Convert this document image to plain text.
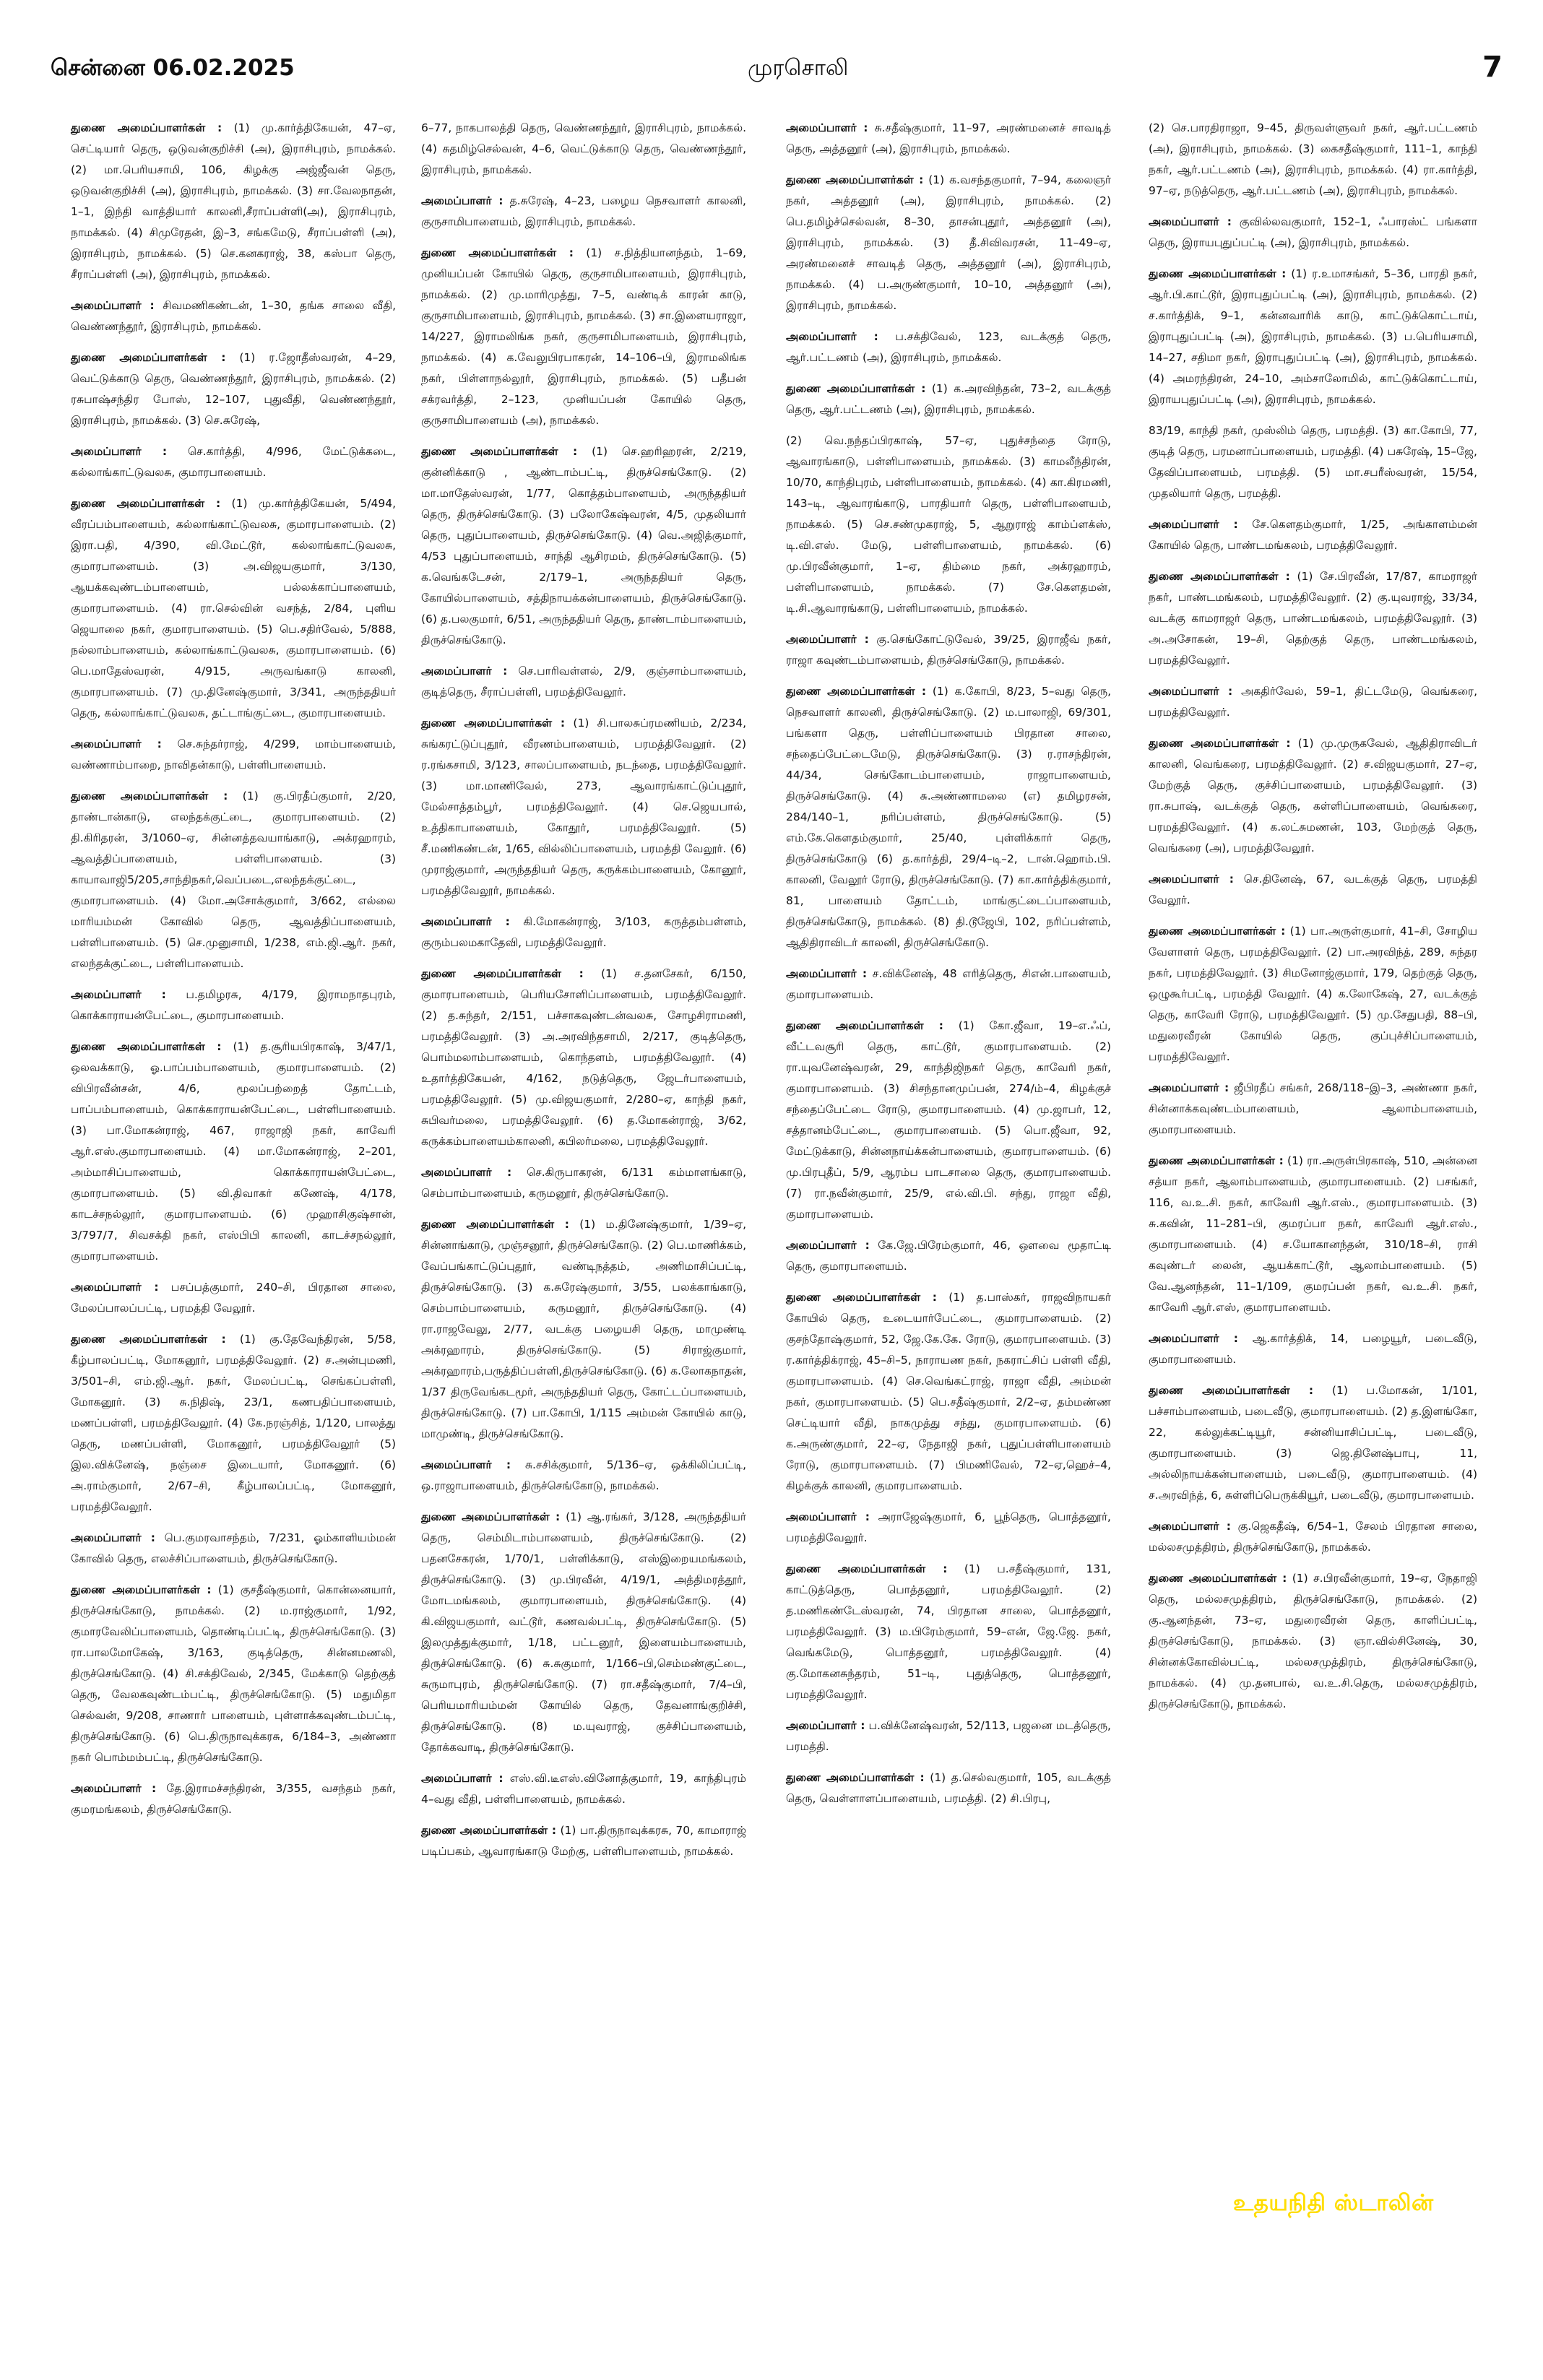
சென்னை 06.02.2025	முரசொலி	7
துணை அமைப்பாளர்கள் : (1) மு.கார்த்திகேயன், 47–ஏ, செட்டியார் தெரு, ஒடுவன்குறிச்சி (அ), இராசிபுரம், நாமக்கல். (2) மா.பெரியசாமி, 106, கிழக்கு அஜ்ஜீவன் தெரு, ஒடுவன்குறிச்சி (அ), இராசிபுரம், நாமக்கல். (3) சா.வேலநாதன், 1–1, இந்தி வாத்தியார் காலனி,சீராப்பள்ளி(அ), இராசிபுரம், நாமக்கல். (4) சிமுரேதன், இ–3, சங்கமேடு, சீராப்பள்ளி (அ), இராசிபுரம், நாமக்கல். (5) செ.கனகராஜ், 38, கஸ்பா தெரு, சீராப்பள்ளி (அ), இராசிபுரம், நாமக்கல்.
அமைப்பாளர் : சிவமணிகண்டன், 1–30, தங்க சாலை வீதி, வெண்ணந்தூர், இராசிபுரம், நாமக்கல்.
துணை அமைப்பாளர்கள் : (1) ர.ஜோதீஸ்வரன், 4–29, வெட்டுக்காடு தெரு, வெண்ணந்தூர், இராசிபுரம், நாமக்கல். (2) ரசுபாஷ்சந்திர போஸ், 12–107, புதுவீதி, வெண்ணந்தூர், இராசிபுரம், நாமக்கல். (3) செ.சுரேஷ்,
அமைப்பாளர் : செ.கார்த்தி, 4/996, மேட்டுக்கடை, கல்லாங்காட்டுவலசு, குமாரபாளையம்.
துணை அமைப்பாளர்கள் : (1) மு.கார்த்திகேயன், 5/494, வீரப்பம்பாளையம், கல்லாங்காட்டுவலசு, குமாரபாளையம். (2) இரா.பதி, 4/390, வி.மேட்டூர், கல்லாங்காட்டுவலசு, குமாரபாளையம். (3) அ.விஜயகுமார், 3/130, ஆயக்கவுண்டம்பாளையம், பல்லக்காப்பாளையம், குமாரபாளையம். (4) ரா.செல்வின் வசந்த், 2/84, புளிய ஜெயாலை நகர், குமாரபாளையம். (5) பெ.சதிர்வேல், 5/888, நல்லாம்பாளையம், கல்லாங்காட்டுவலசு, குமாரபாளையம். (6) பெ.மாதேஸ்வரன், 4/915, அருவங்காடு காலனி, குமாரபாளையம். (7) மு.தினேஷ்குமார், 3/341, அருந்ததியர் தெரு, கல்லாங்காட்டுவலசு, தட்டாங்குட்டை, குமாரபாளையம்.
அமைப்பாளர் : செ.சுந்தர்ராஜ், 4/299, மாம்பாளையம், வண்ணாம்பாறை, நாவிதன்காடு, பள்ளிபாளையம்.
துணை அமைப்பாளர்கள் : (1) கு.பிரதீப்குமார், 2/20, தாண்டான்காடு, எலந்தக்குட்டை, குமாரபாளையம். (2) தி.கிரிதரன், 3/1060–ஏ, சின்னத்தவயாங்காடு, அக்ரஹாரம், ஆவத்திப்பாளையம், பள்ளிபாளையம். (3) காயாவாஜி5/205,சாந்திநகர்,வெப்படை,எலந்தக்குட்டை, குமாரபாளையம். (4) மோ.அசோக்குமார், 3/662, எல்லை மாரியம்மன் கோவில் தெரு, ஆவத்திப்பாளையம், பள்ளிபாளையம். (5) செ.முனுசாமி, 1/238, எம்.ஜி.ஆர். நகர், எலந்தக்குட்டை, பள்ளிபாளையம்.
அமைப்பாளர் : ப.தமிழரசு, 4/179, இராமநாதபுரம், கொக்காராயன்பேட்டை, குமாரபாளையம்.
துணை அமைப்பாளர்கள் : (1) த.சூரியபிரகாஷ், 3/47/1, ஒலவக்காடு, ஓ.பாப்பம்பாளையம், குமாரபாளையம். (2) விபிரவீன்சன், 4/6, மூலப்பற்றைத் தோட்டம், பாப்பம்பாளையம், கொக்காராயன்பேட்டை, பள்ளிபாளையம். (3) பா.மோகன்ராஜ், 467, ராஜாஜி நகர், காவேரி ஆர்.எஸ்.குமாரபாளையம். (4) மா.மோகன்ராஜ், 2–201, அம்மாசிப்பாளையம், கொக்காராயன்பேட்டை, குமாரபாளையம். (5) வி.திவாகர் கணேஷ், 4/178, காடச்சநல்லூர், குமாரபாளையம். (6) முஹாசிகுஷ்சான், 3/797/7, சிவசக்தி நகர், எஸ்பிபி காலனி, காடச்சநல்லூர், குமாரபாளையம்.
அமைப்பாளர் : பசப்பத்குமார், 240–சி, பிரதான சாலை, மேலப்பாலப்பட்டி, பரமத்தி வேலூர்.
துணை அமைப்பாளர்கள் : (1) கு.தேவேந்திரன், 5/58, கீழ்பாலப்பட்டி, மோகனூர், பரமத்திவேலூர். (2) ச.அன்புமணி, 3/501–சி, எம்.ஜி.ஆர். நகர், மேலப்பட்டி, செங்கப்பள்ளி, மோகனூர். (3) சு.நிதிஷ், 23/1, கணபதிப்பாளையம், மணப்பள்ளி, பரமத்திவேலூர். (4) கே.நரஞ்சித், 1/120, பாலத்து தெரு, மணப்பள்ளி, மோகனூர், பரமத்திவேலூர் (5) இல.விக்னேஷ், நஞ்சை இடையார், மோகனூர். (6) அ.ராம்குமார், 2/67–சி, கீழ்பாலப்பட்டி, மோகனூர், பரமத்திவேலூர்.
அமைப்பாளர் : பெ.குமரவாசந்தம், 7/231, ஓம்காளியம்மன் கோவில் தெரு, எலச்சிப்பாளையம், திருச்செங்கோடு.
துணை அமைப்பாளர்கள் : (1) குசதீஷ்குமார், கொன்னையார், திருச்செங்கோடு, நாமக்கல். (2) ம.ராஜ்குமார், 1/92, குமாரவேலிப்பாளையம், தொண்டிப்பட்டி, திருச்செங்கோடு. (3) ரா.பாலமோகேஷ், 3/163, குடித்தெரு, சின்னமணலி, திருச்செங்கோடு. (4) சி.சக்திவேல், 2/345, மேக்காடு தெற்குத் தெரு, வேலகவுண்டம்பட்டி, திருச்செங்கோடு. (5) மதுமிதா செல்வன், 9/208, சாணார் பாளையம், புள்ளாக்கவுண்டம்பட்டி, திருச்செங்கோடு. (6) பெ.திருநாவுக்கரசு, 6/184–3, அண்ணா நகர் பொம்மம்பட்டி, திருச்செங்கோடு.
அமைப்பாளர் : தே.இராமச்சந்திரன், 3/355, வசந்தம் நகர், குமரமங்கலம், திருச்செங்கோடு.
6–77, நாகபாலத்தி தெரு, வெண்ணந்தூர், இராசிபுரம், நாமக்கல். (4) சுதமிழ்செல்வன், 4–6, வெட்டுக்காடு தெரு, வெண்ணந்தூர், இராசிபுரம், நாமக்கல்.
அமைப்பாளர் : த.சுரேஷ், 4–23, பழைய நெசவாளர் காலனி, குருசாமிபாளையம், இராசிபுரம், நாமக்கல்.
துணை அமைப்பாளர்கள் : (1) ச.நித்தியானந்தம், 1–69, முனியப்பன் கோயில் தெரு, குருசாமிபாளையம், இராசிபுரம், நாமக்கல். (2) மு.மாரிமுத்து, 7–5, வண்டிக் காரன் காடு, குருசாமிபாளையம், இராசிபுரம், நாமக்கல். (3) சா.இளையராஜா, 14/227, இராமலிங்க நகர், குருசாமிபாளையம், இராசிபுரம், நாமக்கல். (4) க.வேலுபிரபாகரன், 14–106–பி, இராமலிங்க நகர், பிள்ளாநல்லூர், இராசிபுரம், நாமக்கல். (5) பதீபன் சக்ரவர்த்தி, 2–123, முனியப்பன் கோயில் தெரு, குருசாமிபாளையம் (அ), நாமக்கல்.
துணை அமைப்பாளர்கள் : (1) செ.ஹரிஹரன், 2/219, குன்னிக்காடு , ஆண்டாம்பட்டி, திருச்செங்கோடு. (2) மா.மாதேஸ்வரன், 1/77, கொத்தம்பாளையம், அருந்ததியர் தெரு, திருச்செங்கோடு. (3) பலோகேஷ்வரன், 4/5, முதலியார் தெரு, புதுப்பாளையம், திருச்செங்கோடு. (4) வெ.அஜித்குமார், 4/53 புதுப்பாளையம், சாந்தி ஆசிரமம், திருச்செங்கோடு. (5) க.வெங்கடேசன், 2/179–1, அருந்ததியர் தெரு, கோயில்பாளையம், சத்திநாயக்கன்பாளையம், திருச்செங்கோடு. (6) த.பலகுமார், 6/51, அருந்ததியர் தெரு, தாண்டாம்பாளையம், திருச்செங்கோடு.
அமைப்பாளர் : செ.பாரிவள்ளல், 2/9, குஞ்சாம்பாளையம், குடித்தெரு, சீராப்பள்ளி, பரமத்திவேலூர்.
துணை அமைப்பாளர்கள் : (1) சி.பாலசுப்ரமணியம், 2/234, சுங்கரட்டுப்புதூர், வீரணம்பாளையம், பரமத்திவேலூர். (2) ர.ரங்கசாமி, 3/123, சாலப்பாளையம், நடந்தை, பரமத்திவேலூர். (3) மா.மாணிவேல், 273, ஆவாரங்காட்டுப்புதூர், மேல்சாத்தம்பூர், பரமத்திவேலூர். (4) செ.ஜெயபால், உத்திகாபாளையம், கோதூர், பரமத்திவேலூர். (5) சீ.மணிகண்டன், 1/65, வில்லிப்பாளையம், பரமத்தி வேலூர். (6) முராஜ்குமார், அருந்ததியர் தெரு, கருக்கம்பாளையம், கோனூர், பரமத்திவேலூர், நாமக்கல்.
அமைப்பாளர் : கி.மோகன்ராஜ், 3/103, கருத்தம்பள்ளம், குரும்பலமகாதேவி, பரமத்திவேலூர்.
துணை அமைப்பாளர்கள் : (1) ச.தனசேகர், 6/150, குமாரபாளையம், பெரியசோளிப்பாளையம், பரமத்திவேலூர். (2) த.சுந்தர், 2/151, பச்சாகவுண்டன்வலசு, சோழசிராமணி, பரமத்திவேலூர். (3) அ.அரவிந்தசாமி, 2/217, குடித்தெரு, பொம்மலாம்பாளையம், கொந்தளம், பரமத்திவேலூர். (4) உதார்த்திகேயன், 4/162, நடுத்தெரு, ஜேடர்பாளையம், பரமத்திவேலூர். (5) மு.விஜயகுமார், 2/280–ஏ, காந்தி நகர், சுபிவர்மலை, பரமத்திவேலூர். (6) த.மோகன்ராஜ், 3/62, கருக்கம்பாளையம்காலனி, கபிலர்மலை, பரமத்திவேலூர்.
அமைப்பாளர் : செ.கிருபாகரன், 6/131 கம்மாளங்காடு, செம்பாம்பாளையம், கருமனூர், திருச்செங்கோடு.
துணை அமைப்பாளர்கள் : (1) ம.தினேஷ்குமார், 1/39–ஏ, சின்னாங்காடு, முஞ்சனூர், திருச்செங்கோடு. (2) பெ.மாணிக்கம், வேப்பங்காட்டுப்புதூர், வண்டிநத்தம், அணிமாசிப்பட்டி, திருச்செங்கோடு. (3) க.சுரேஷ்குமார், 3/55, பலக்காங்காடு, செம்பாம்பாளையம், கருமனூர், திருச்செங்கோடு. (4) ரா.ராஜவேலு, 2/77, வடக்கு பழையசி தெரு, மாமுண்டி அக்ரஹாரம், திருச்செங்கோடு. (5) சிராஜ்குமார், அக்ரஹாரம்,பருத்திப்பள்ளி,திருச்செங்கோடு. (6) க.லோகநாதன், 1/37 திருவேங்கடமூர், அருந்ததியர் தெரு, கோட்டப்பாளையம், திருச்செங்கோடு. (7) பா.கோபி, 1/115 அம்மன் கோயில் காடு, மாமுண்டி, திருச்செங்கோடு.
அமைப்பாளர் : சு.சசிக்குமார், 5/136–ஏ, ஒக்கிலிப்பட்டி, ஒ.ராஜாபாளையம், திருச்செங்கோடு, நாமக்கல்.
துணை அமைப்பாளர்கள் : (1) ஆ.ரங்கர், 3/128, அருந்ததியர் தெரு, செம்மிடாம்பாளையம், திருச்செங்கோடு. (2) பதனசேகரன், 1/70/1, பள்ளிக்காடு, எஸ்இறையமங்கலம், திருச்செங்கோடு. (3) மு.பிரவீன், 4/19/1, அத்திமரத்தூர், மோடமங்கலம், குமாரபாளையம், திருச்செங்கோடு. (4) கி.விஜயகுமார், வட்டூர், கணவல்பட்டி, திருச்செங்கோடு. (5) இலமுத்துக்குமார், 1/18, பட்டனூர், இளையம்பாளையம், திருச்செங்கோடு. (6) சு.சுகுமார், 1/166–பி,செம்மண்குட்டை, சுருமாபுரம், திருச்செங்கோடு. (7) ரா.சதீஷ்குமார், 7/4–பி, பெரியமாரியம்மன் கோயில் தெரு, தேவனாங்குறிச்சி, திருச்செங்கோடு. (8) ம.யுவராஜ், குச்சிப்பாளையம், தோக்கவாடி, திருச்செங்கோடு.
அமைப்பாளர் : எஸ்.வி.டீஎஸ்.வினோத்குமார், 19, காந்திபுரம் 4–வது வீதி, பள்ளிபாளையம், நாமக்கல்.
துணை அமைப்பாளர்கள் : (1) பா.திருநாவுக்கரசு, 70, காமாராஜ் படிப்பகம், ஆவாரங்காடு மேற்கு, பள்ளிபாளையம், நாமக்கல்.
அமைப்பாளர் : சு.சதீஷ்குமார், 11–97, அரண்மனைச் சாவடித் தெரு, அத்தனூர் (அ), இராசிபுரம், நாமக்கல்.
துணை அமைப்பாளர்கள் : (1) க.வசந்தகுமார், 7–94, கலைஞர் நகர், அத்தனூர் (அ), இராசிபுரம், நாமக்கல். (2) பெ.தமிழ்ச்செல்வன், 8–30, தாசன்புதூர், அத்தனூர் (அ), இராசிபுரம், நாமக்கல். (3) தீ.சிவிவரசன், 11–49–ஏ, அரண்மனைச் சாவடித் தெரு, அத்தனூர் (அ), இராசிபுரம், நாமக்கல். (4) ப.அருண்குமார், 10–10, அத்தனூர் (அ), இராசிபுரம், நாமக்கல்.
அமைப்பாளர் : ப.சக்திவேல், 123, வடக்குத் தெரு, ஆர்.பட்டணம் (அ), இராசிபுரம், நாமக்கல்.
துணை அமைப்பாளர்கள் : (1) க.அரவிந்தன், 73–2, வடக்குத் தெரு, ஆர்.பட்டணம் (அ), இராசிபுரம், நாமக்கல்.
(2) வெ.நந்தப்பிரகாஷ், 57–ஏ, புதுச்சந்தை ரோடு, ஆவாரங்காடு, பள்ளிபாளையம், நாமக்கல். (3) காமலீந்திரன், 10/70, காந்திபுரம், பள்ளிபாளையம், நாமக்கல். (4) கா.கிரமணி, 143–டி, ஆவாரங்காடு, பாரதியார் தெரு, பள்ளிபாளையம், நாமக்கல். (5) செ.சண்முகராஜ், 5, ஆறுராஜ் காம்ப்ளக்ஸ், டி.வி.எஸ். மேடு, பள்ளிபாளையம், நாமக்கல். (6) மு.பிரவீன்குமார், 1–ஏ, திம்மை நகர், அக்ரஹாரம், பள்ளிபாளையம், நாமக்கல். (7) சே.கௌதமன், டி.சி.ஆவாரங்காடு, பள்ளிபாளையம், நாமக்கல்.
அமைப்பாளர் : கு.செங்கோட்டுவேல், 39/25, இராஜீவ் நகர், ராஜா கவுண்டம்பாளையம், திருச்செங்கோடு, நாமக்கல்.
துணை அமைப்பாளர்கள் : (1) க.கோபி, 8/23, 5–வது தெரு, நெசவாளர் காலனி, திருச்செங்கோடு. (2) ம.பாலாஜி, 69/301, பங்களா தெரு, பள்ளிப்பாளையம் பிரதான சாலை, சந்தைப்பேட்டைமேடு, திருச்செங்கோடு. (3) ர.ராசந்திரன், 44/34, செங்கோடம்பாளையம், ராஜாபாளையம், திருச்செங்கோடு. (4) சு.அண்ணாமலை (எ) தமிழரசன், 284/140–1, நரிப்பள்ளம், திருச்செங்கோடு. (5) எம்.கே.கௌதம்குமார், 25/40, புள்ளிக்கார் தெரு, திருச்செங்கோடு (6) த.கார்த்தி, 29/4–டி–2, டான்.ஹொம்.பி. காலனி, வேலூர் ரோடு, திருச்செங்கோடு. (7) கா.கார்த்திக்குமார், 81, பாளையம் தோட்டம், மாங்குட்டைப்பாளையம், திருச்செங்கோடு, நாமக்கல். (8) தி.டூஜேபி, 102, நரிப்பள்ளம், ஆதிதிராவிடர் காலனி, திருச்செங்கோடு.
அமைப்பாளர் : ச.விக்னேஷ், 48 எரித்தெரு, சிஎன்.பாளையம், குமாரபாளையம்.
துணை அமைப்பாளர்கள் : (1) கோ.ஜீவா, 19–எ.ஃப், வீட்டவசூரி தெரு, காட்டூர், குமாரபாளையம். (2) ரா.யுவனேஷ்வரன், 29, காந்திஜிநகர் தெரு, காவேரி நகர், குமாரபாளையம். (3) சிசந்தானமுப்பன், 274/ம்–4, கிழக்குச் சந்தைப்பேட்டை ரோடு, குமாரபாளையம். (4) மு.ஜாபர், 12, சத்தானம்பேட்டை, குமாரபாளையம். (5) பொ.ஜீவா, 92, மேட்டுக்காடு, சின்னநாய்க்கன்பாளையம், குமாரபாளையம். (6) மு.பிரபுதீப், 5/9, ஆரம்ப பாடசாலை தெரு, குமாரபாளையம். (7) ரா.நவீன்குமார், 25/9, எல்.வி.பி. சந்து, ராஜா வீதி, குமாரபாளையம்.
அமைப்பாளர் : கே.ஜே.பிரேம்குமார், 46, ஔவை மூதாட்டி தெரு, குமாரபாளையம்.
துணை அமைப்பாளர்கள் : (1) த.பாஸ்கர், ராஜவிநாயகர் கோயில் தெரு, உடையார்பேட்டை, குமாரபாளையம். (2) குசந்தோஷ்குமார், 52, ஜே.கே.கே. ரோடு, குமாரபாளையம். (3) ர.கார்த்திக்ராஜ், 45–சி–5, நாராயண நகர், நகராட்சிப் பள்ளி வீதி, குமாரபாளையம். (4) செ.வெங்கட்ராஜ், ராஜா வீதி, அம்மன் நகர், குமாரபாளையம். (5) பெ.சதீஷ்குமார், 2/2–ஏ, தம்மண்ண செட்டியார் வீதி, நாகமுத்து சந்து, குமாரபாளையம். (6) க.அருண்குமார், 22–ஏ, நேதாஜி நகர், புதுப்பள்ளிபாளையம் ரோடு, குமாரபாளையம். (7) பிமணிவேல், 72–ஏ,ஹெச்–4, கிழக்குக் காலனி, குமாரபாளையம்.
அமைப்பாளர் : அராஜேஷ்குமார், 6, பூந்தெரு, பொத்தனூர், பரமத்திவேலூர்.
துணை அமைப்பாளர்கள் : (1) ப.சதீஷ்குமார், 131, காட்டுத்தெரு, பொத்தனூர், பரமத்திவேலூர். (2) த.மணிகண்டேஸ்வரன், 74, பிரதான சாலை, பொத்தனூர், பரமத்திவேலூர். (3) ம.பிரேம்குமார், 59–என், ஜே.ஜே. நகர், வெங்கமேடு, பொத்தனூர், பரமத்திவேலூர். (4) கு.மோகனசுந்தரம், 51–டி, புதுத்தெரு, பொத்தனூர், பரமத்திவேலூர்.
அமைப்பாளர் : ப.விக்னேஷ்வரன், 52/113, பஜனை மடத்தெரு, பரமத்தி.
துணை அமைப்பாளர்கள் : (1) த.செல்வகுமார், 105, வடக்குத் தெரு, வெள்ளாளப்பாளையம், பரமத்தி. (2) சி.பிரபு,
(2) செ.பாரதிராஜா, 9–45, திருவள்ளுவர் நகர், ஆர்.பட்டணம் (அ), இராசிபுரம், நாமக்கல். (3) கைசதீஷ்குமார், 111–1, காந்தி நகர், ஆர்.பட்டணம் (அ), இராசிபுரம், நாமக்கல். (4) ரா.கார்த்தி, 97–ஏ, நடுத்தெரு, ஆர்.பட்டணம் (அ), இராசிபுரம், நாமக்கல்.
அமைப்பாளர் : குவில்லவகுமார், 152–1, ஃபாரஸ்ட் பங்களா தெரு, இராயபுதுப்பட்டி (அ), இராசிபுரம், நாமக்கல்.
துணை அமைப்பாளர்கள் : (1) ர.உமாசங்கர், 5–36, பாரதி நகர், ஆர்.பி.காட்டூர், இராபுதுப்பட்டி (அ), இராசிபுரம், நாமக்கல். (2) ச.கார்த்திக், 9–1, கன்னவாரிக் காடு, காட்டுக்கொட்டாய், இராபுதுப்பட்டி (அ), இராசிபுரம், நாமக்கல். (3) ப.பெரியசாமி, 14–27, சதிமா நகர், இராபுதுப்பட்டி (அ), இராசிபுரம், நாமக்கல். (4) அமரந்திரன், 24–10, அம்சாலோமில், காட்டுக்கொட்டாய், இராயபுதுப்பட்டி (அ), இராசிபுரம், நாமக்கல்.
83/19, காந்தி நகர், முஸ்லிம் தெரு, பரமத்தி. (3) கா.கோபி, 77, குடித் தெரு, பரமனாப்பாளையம், பரமத்தி. (4) பசுரேஷ், 15–ஜே, தேவிப்பாளையம், பரமத்தி. (5) மா.சபரீஸ்வரன், 15/54, முதலியார் தெரு, பரமத்தி.
அமைப்பாளர் : சே.கௌதம்குமார், 1/25, அங்காளம்மன் கோயில் தெரு, பாண்டமங்கலம், பரமத்திவேலூர்.
துணை அமைப்பாளர்கள் : (1) சே.பிரவீன், 17/87, காமராஜர் நகர், பாண்டமங்கலம், பரமத்திவேலூர். (2) கு.யுவராஜ், 33/34, வடக்கு காமராஜர் தெரு, பாண்டமங்கலம், பரமத்திவேலூர். (3) அ.அசோகன், 19–சி, தெற்குத் தெரு, பாண்டமங்கலம், பரமத்திவேலூர்.
அமைப்பாளர் : அகதிர்வேல், 59–1, திட்டமேடு, வெங்கரை, பரமத்திவேலூர்.
துணை அமைப்பாளர்கள் : (1) மு.முருகவேல், ஆதிதிராவிடர் காலனி, வெங்கரை, பரமத்திவேலூர். (2) ச.விஜயகுமார், 27–ஏ, மேற்குத் தெரு, குச்சிப்பாளையம், பரமத்திவேலூர். (3) ரா.சுபாஷ், வடக்குத் தெரு, கள்ளிப்பாளையம், வெங்கரை, பரமத்திவேலூர். (4) க.லட்சுமணன், 103, மேற்குத் தெரு, வெங்கரை (அ), பரமத்திவேலூர்.
அமைப்பாளர் : செ.தினேஷ், 67, வடக்குத் தெரு, பரமத்தி வேலூர்.
துணை அமைப்பாளர்கள் : (1) பா.அருள்குமார், 41–சி, சோழிய வேளாளர் தெரு, பரமத்திவேலூர். (2) பா.அரவிந்த், 289, சுந்தர நகர், பரமத்திவேலூர். (3) சிமனோஜ்குமார், 179, தெற்குத் தெரு, ஒழுகூர்பட்டி, பரமத்தி வேலூர். (4) க.லோகேஷ், 27, வடக்குத் தெரு, காவேரி ரோடு, பரமத்திவேலூர். (5) மு.சேதுபதி, 88–பி, மதுரைவீரன் கோயில் தெரு, குப்புச்சிப்பாளையம், பரமத்திவேலூர்.
அமைப்பாளர் : ஜீபிரதீப் சங்கர், 268/118–இ–3, அண்ணா நகர், சின்னாக்கவுண்டம்பாளையம், ஆலாம்பாளையம், குமாரபாளையம்.
துணை அமைப்பாளர்கள் : (1) ரா.அருள்பிரகாஷ், 510, அன்னை சத்யா நகர், ஆலாம்பாளையம், குமாரபாளையம். (2) பசங்கர், 116, வ.உ.சி. நகர், காவேரி ஆர்.எஸ்., குமாரபாளையம். (3) சு.கவின், 11–281–பி, குமரப்பா நகர், காவேரி ஆர்.எஸ்., குமாரபாளையம். (4) ச.யோகானந்தன், 310/18–சி, ராசி கவுண்டர் லைன், ஆயக்காட்டூர், ஆலாம்பாளையம். (5) வே.ஆனந்தன், 11–1/109, குமரப்பன் நகர், வ.உ.சி. நகர், காவேரி ஆர்.எஸ், குமாரபாளையம்.
அமைப்பாளர் : ஆ.கார்த்திக், 14, பழையூர், படைவீடு, குமாரபாளையம்.
துணை அமைப்பாளர்கள் : (1) ப.மோகன், 1/101, பச்சாம்பாளையம், படைவீடு, குமாரபாளையம். (2) த.இளங்கோ, 22, கல்லுக்கட்டியூர், சன்னியாசிப்பட்டி, படைவீடு, குமாரபாளையம். (3) ஜெ.தினேஷ்பாபு, 11, அல்லிநாயக்கன்பாளையம், படைவீடு, குமாரபாளையம். (4) ச.அரவிந்த், 6, சுள்ளிப்பெருக்கியூர், படைவீடு, குமாரபாளையம்.
அமைப்பாளர் : கு.ஜெகதீஷ், 6/54–1, சேலம் பிரதான சாலை, மல்லசமுத்திரம், திருச்செங்கோடு, நாமக்கல்.
துணை அமைப்பாளர்கள் : (1) ச.பிரவீன்குமார், 19–ஏ, நேதாஜி தெரு, மல்லசமுத்திரம், திருச்செங்கோடு, நாமக்கல். (2) கு.ஆனந்தன், 73–ஏ, மதுரைவீரன் தெரு, காளிப்பட்டி, திருச்செங்கோடு, நாமக்கல். (3) ஞா.வில்சினேஷ், 30, சின்னக்கோவில்பட்டி, மல்லசமுத்திரம், திருச்செங்கோடு, நாமக்கல். (4) மு.தனபால், வ.உ.சி.தெரு, மல்லசமுத்திரம், திருச்செங்கோடு, நாமக்கல்.
உதயநிதி ஸ்டாலின்
